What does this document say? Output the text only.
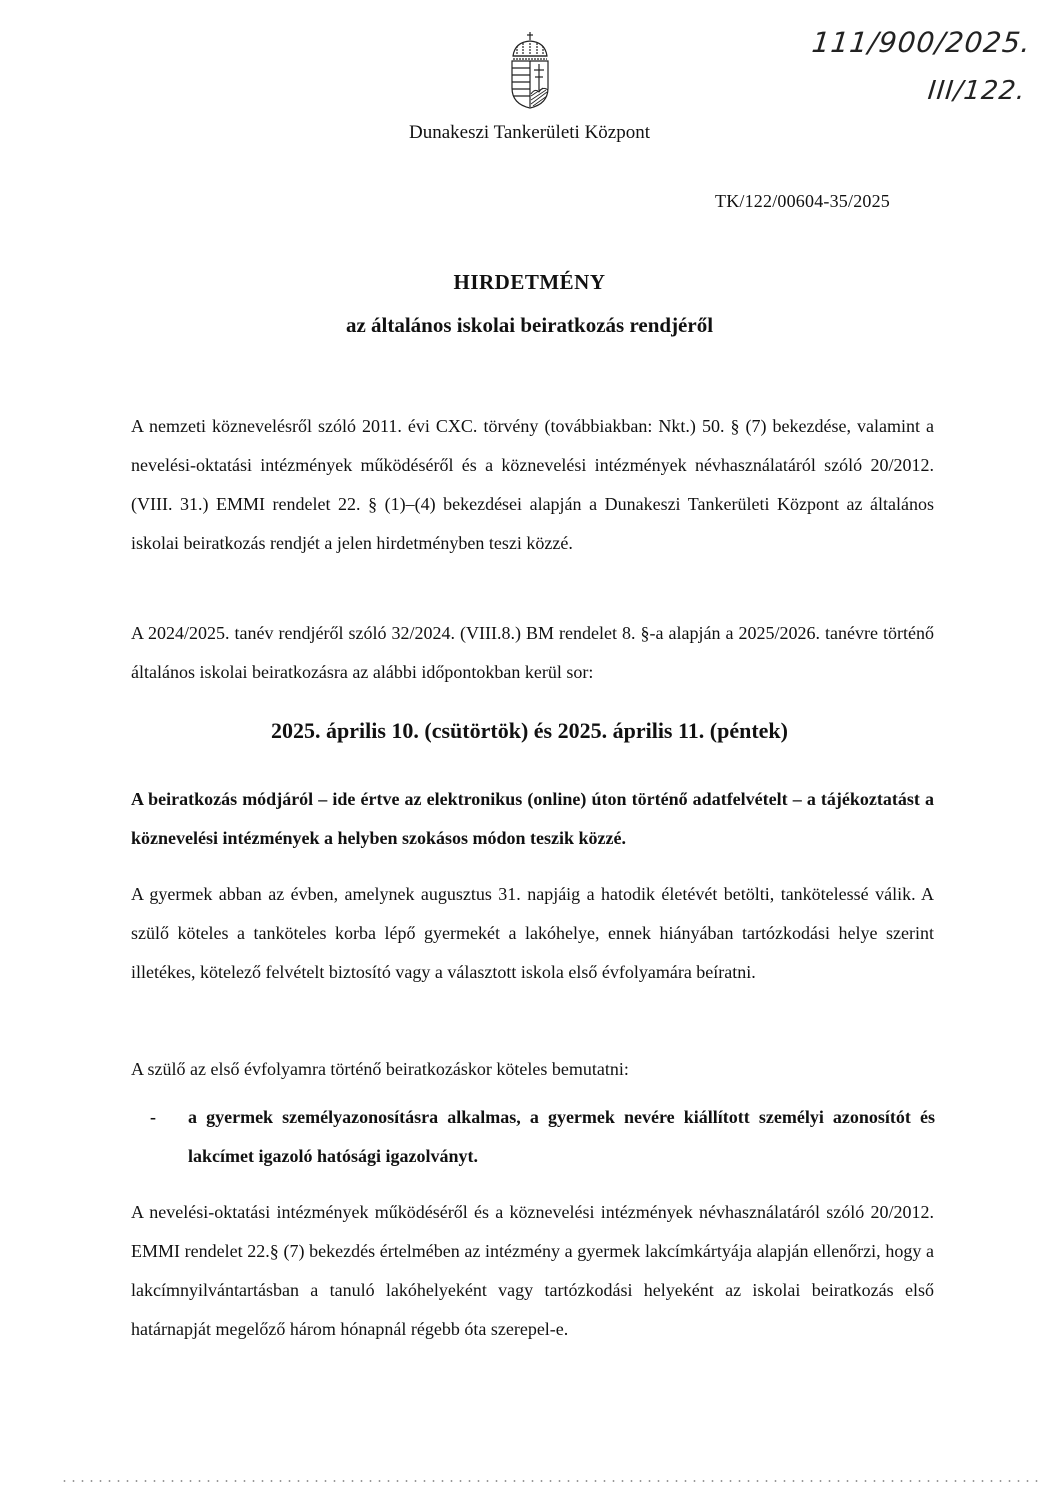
Dunakeszi Tankerületi Központ
111/900/2025.
III/122.
TK/122/00604-35/2025
HIRDETMÉNY
az általános iskolai beiratkozás rendjéről
A nemzeti köznevelésről szóló 2011. évi CXC. törvény (továbbiakban: Nkt.) 50. § (7) bekezdése, valamint a nevelési-oktatási intézmények működéséről és a köznevelési intézmények névhasználatáról szóló 20/2012. (VIII. 31.) EMMI rendelet 22. § (1)–(4) bekezdései alapján a Dunakeszi Tankerületi Központ az általános iskolai beiratkozás rendjét a jelen hirdetményben teszi közzé.
A 2024/2025. tanév rendjéről szóló 32/2024. (VIII.8.) BM rendelet 8. §-a alapján a 2025/2026. tanévre történő általános iskolai beiratkozásra az alábbi időpontokban kerül sor:
2025. április 10. (csütörtök) és 2025. április 11. (péntek)
A beiratkozás módjáról – ide értve az elektronikus (online) úton történő adatfelvételt – a tájékoztatást a köznevelési intézmények a helyben szokásos módon teszik közzé.
A gyermek abban az évben, amelynek augusztus 31. napjáig a hatodik életévét betölti, tankötelessé válik. A szülő köteles a tanköteles korba lépő gyermekét a lakóhelye, ennek hiányában tartózkodási helye szerint illetékes, kötelező felvételt biztosító vagy a választott iskola első évfolyamára beíratni.
A szülő az első évfolyamra történő beiratkozáskor köteles bemutatni:
-	a gyermek személyazonosításra alkalmas, a gyermek nevére kiállított személyi azonosítót és lakcímet igazoló hatósági igazolványt.
A nevelési-oktatási intézmények működéséről és a köznevelési intézmények névhasználatáról szóló 20/2012. EMMI rendelet 22.§ (7) bekezdés értelmében az intézmény a gyermek lakcímkártyája alapján ellenőrzi, hogy a lakcímnyilvántartásban a tanuló lakóhelyeként vagy tartózkodási helyeként az iskolai beiratkozás első határnapját megelőző három hónapnál régebb óta szerepel-e.
